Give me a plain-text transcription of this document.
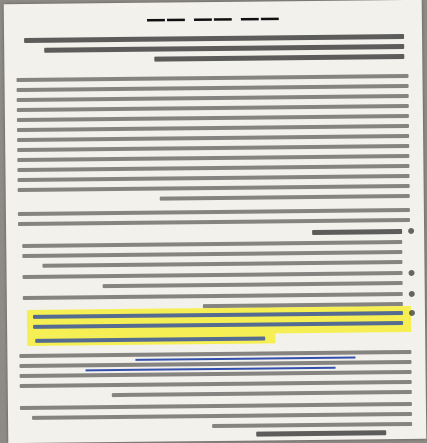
—— —— ——
